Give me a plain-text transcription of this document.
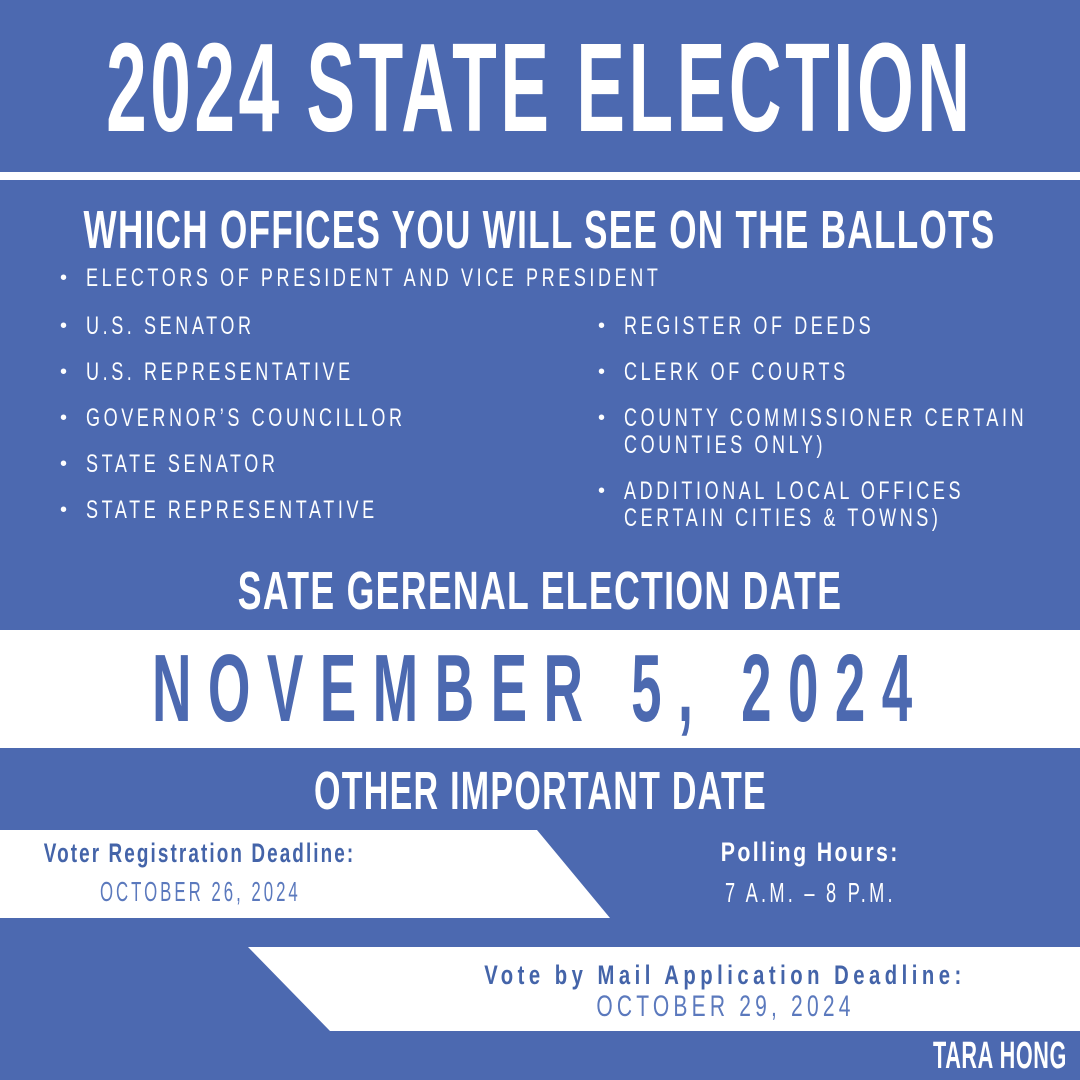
2024 STATE ELECTION
WHICH OFFICES YOU WILL SEE ON THE BALLOTS
• ELECTORS OF PRESIDENT AND VICE PRESIDENT
• U.S. SENATOR
• U.S. REPRESENTATIVE
• GOVERNOR’S COUNCILLOR
• STATE SENATOR
• STATE REPRESENTATIVE
• REGISTER OF DEEDS
• CLERK OF COURTS
• COUNTY COMMISSIONER CERTAIN
COUNTIES ONLY)
• ADDITIONAL LOCAL OFFICES
CERTAIN CITIES & TOWNS)
SATE GERENAL ELECTION DATE
NOVEMBER 5, 2024
OTHER IMPORTANT DATE
Voter Registration Deadline:
OCTOBER 26, 2024
Polling Hours:
7 A.M. – 8 P.M.
Vote by Mail Application Deadline:
OCTOBER 29, 2024
TARA HONG
